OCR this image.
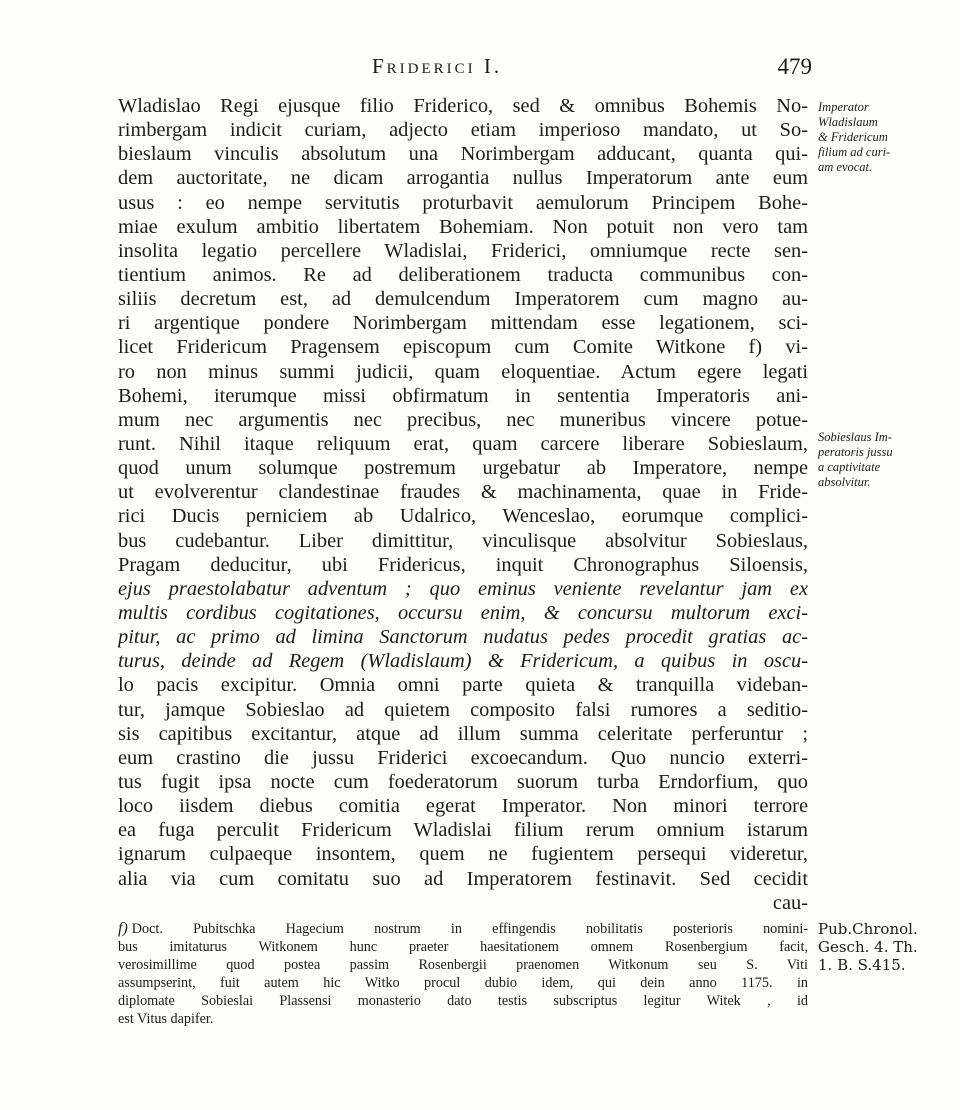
Friderici I.	479
Wladislao Regi ejusque filio Friderico, sed & omnibus Bohemis No-
rimbergam indicit curiam, adjecto etiam imperioso mandato, ut So-
bieslaum vinculis absolutum una Norimbergam adducant, quanta qui-
dem auctoritate, ne dicam arrogantia nullus Imperatorum ante eum
usus : eo nempe servitutis proturbavit aemulorum Principem Bohe-
miae exulum ambitio libertatem Bohemiam. Non potuit non vero tam
insolita legatio percellere Wladislai, Friderici, omniumque recte sen-
tientium animos. Re ad deliberationem traducta communibus con-
siliis decretum est, ad demulcendum Imperatorem cum magno au-
ri argentique pondere Norimbergam mittendam esse legationem, sci-
licet Fridericum Pragensem episcopum cum Comite Witkone f) vi-
ro non minus summi judicii, quam eloquentiae. Actum egere legati
Bohemi, iterumque missi obfirmatum in sententia Imperatoris ani-
mum nec argumentis nec precibus, nec muneribus vincere potue-
runt. Nihil itaque reliquum erat, quam carcere liberare Sobieslaum,
quod unum solumque postremum urgebatur ab Imperatore, nempe
ut evolverentur clandestinae fraudes & machinamenta, quae in Fride-
rici Ducis perniciem ab Udalrico, Wenceslao, eorumque complici-
bus cudebantur. Liber dimittitur, vinculisque absolvitur Sobieslaus,
Pragam deducitur, ubi Fridericus, inquit Chronographus Siloensis,
ejus praestolabatur adventum ; quo eminus veniente revelantur jam ex
multis cordibus cogitationes, occursu enim, & concursu multorum exci-
pitur, ac primo ad limina Sanctorum nudatus pedes procedit gratias ac-
turus, deinde ad Regem (Wladislaum) & Fridericum, a quibus in oscu-
lo pacis excipitur. Omnia omni parte quieta & tranquilla videban-
tur, jamque Sobieslao ad quietem composito falsi rumores a seditio-
sis capitibus excitantur, atque ad illum summa celeritate perferuntur ;
eum crastino die jussu Friderici excoecandum. Quo nuncio exterri-
tus fugit ipsa nocte cum foederatorum suorum turba Erndorfium, quo
loco iisdem diebus comitia egerat Imperator. Non minori terrore
ea fuga perculit Fridericum Wladislai filium rerum omnium istarum
ignarum culpaeque insontem, quem ne fugientem persequi videretur,
alia via cum comitatu suo ad Imperatorem festinavit. Sed cecidit
cau-
Imperator
Wladislaum
& Fridericum
filium ad curi-
am evocat.
Sobieslaus Im-
peratoris jussu
a captivitate
absolvitur.
f) Doct. Pubitschka Hagecium nostrum in effingendis nobilitatis posterioris nomini-
bus imitaturus Witkonem hunc praeter haesitationem omnem Rosenbergium facit,
verosimillime quod postea passim Rosenbergii praenomen Witkonum seu S. Viti
assumpserint, fuit autem hic Witko procul dubio idem, qui dein anno 1175. in
diplomate Sobieslai Plassensi monasterio dato testis subscriptus legitur Witek , id
est Vitus dapifer.
Pub.Chronol.
Gesch. 4. Th.
1. B. S.415.
